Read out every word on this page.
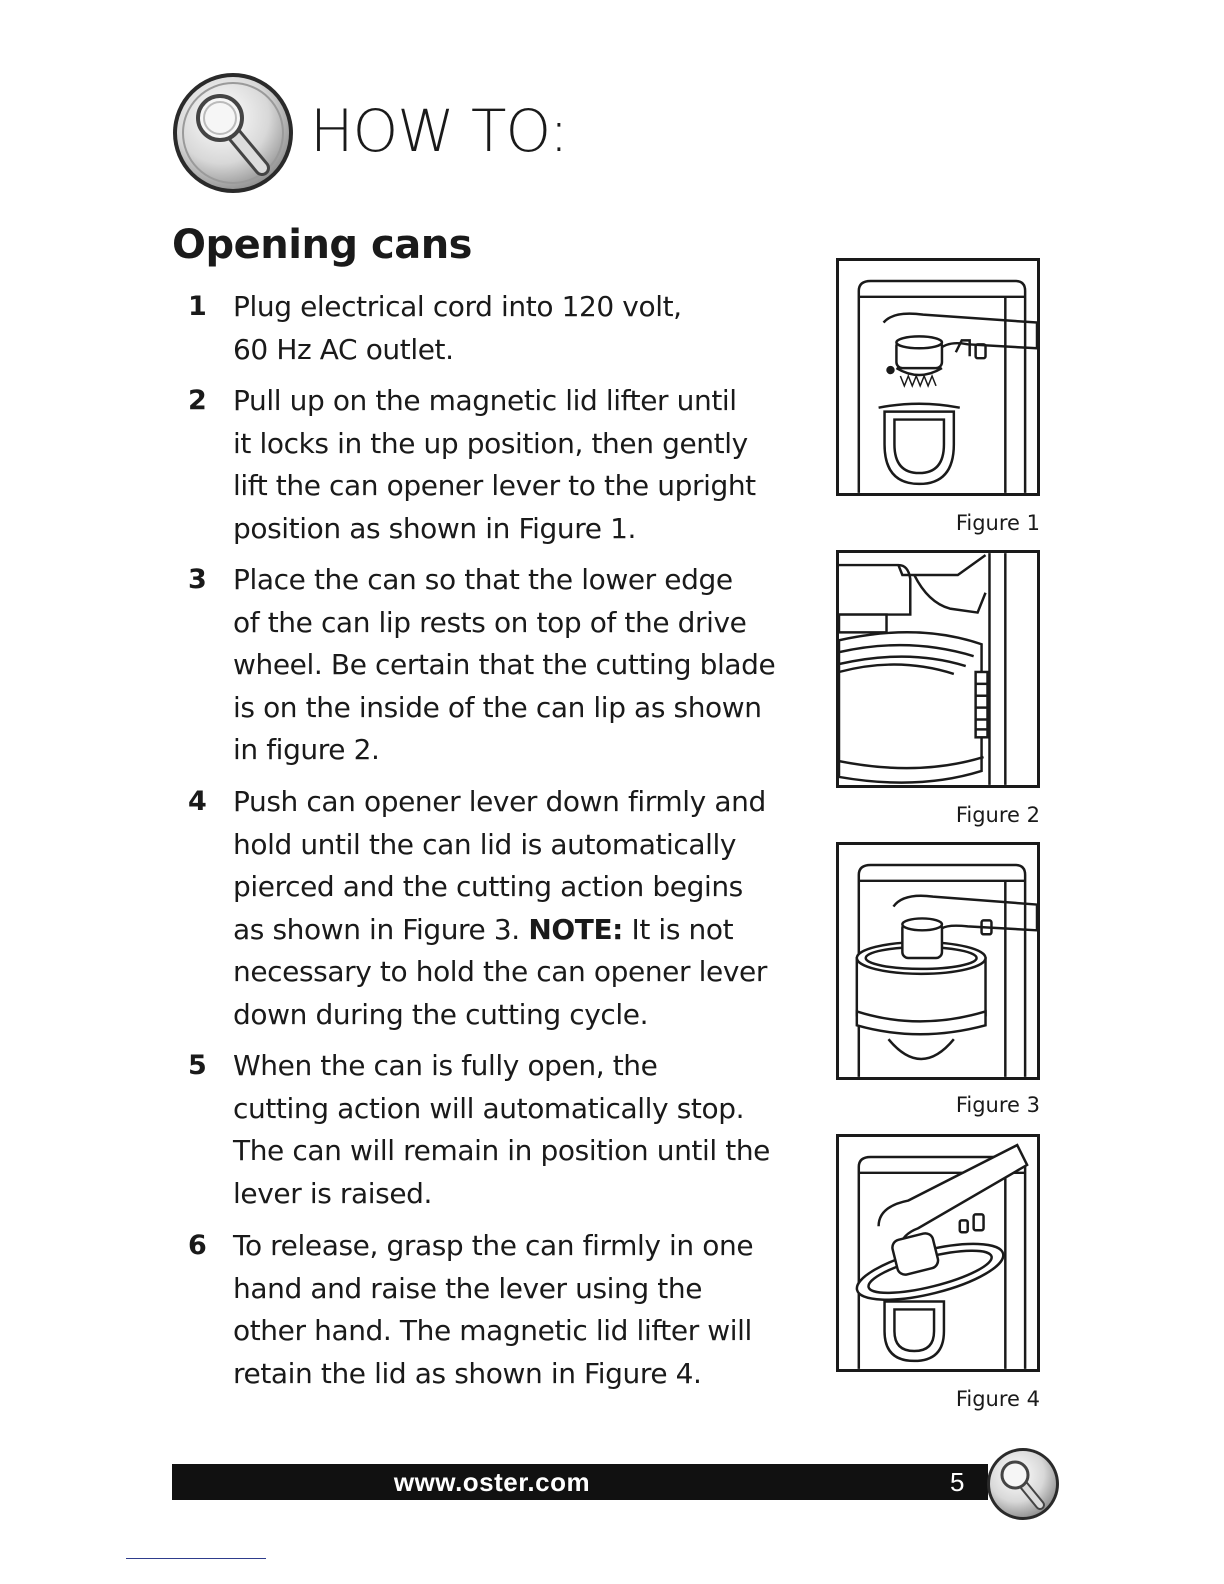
HOW TO:
Opening cans
1 Plug electrical cord into 120 volt,
60 Hz AC outlet.
2 Pull up on the magnetic lid lifter until
it locks in the up position, then gently
lift the can opener lever to the upright
position as shown in Figure 1.
3 Place the can so that the lower edge
of the can lip rests on top of the drive
wheel. Be certain that the cutting blade
is on the inside of the can lip as shown
in figure 2.
4 Push can opener lever down firmly and
hold until the can lid is automatically
pierced and the cutting action begins
as shown in Figure 3. NOTE: It is not
necessary to hold the can opener lever
down during the cutting cycle.
5 When the can is fully open, the
cutting action will automatically stop.
The can will remain in position until the
lever is raised.
6 To release, grasp the can firmly in one
hand and raise the lever using the
other hand. The magnetic lid lifter will
retain the lid as shown in Figure 4.
Figure 1
Figure 2
Figure 3
Figure 4
www.oster.com	5
